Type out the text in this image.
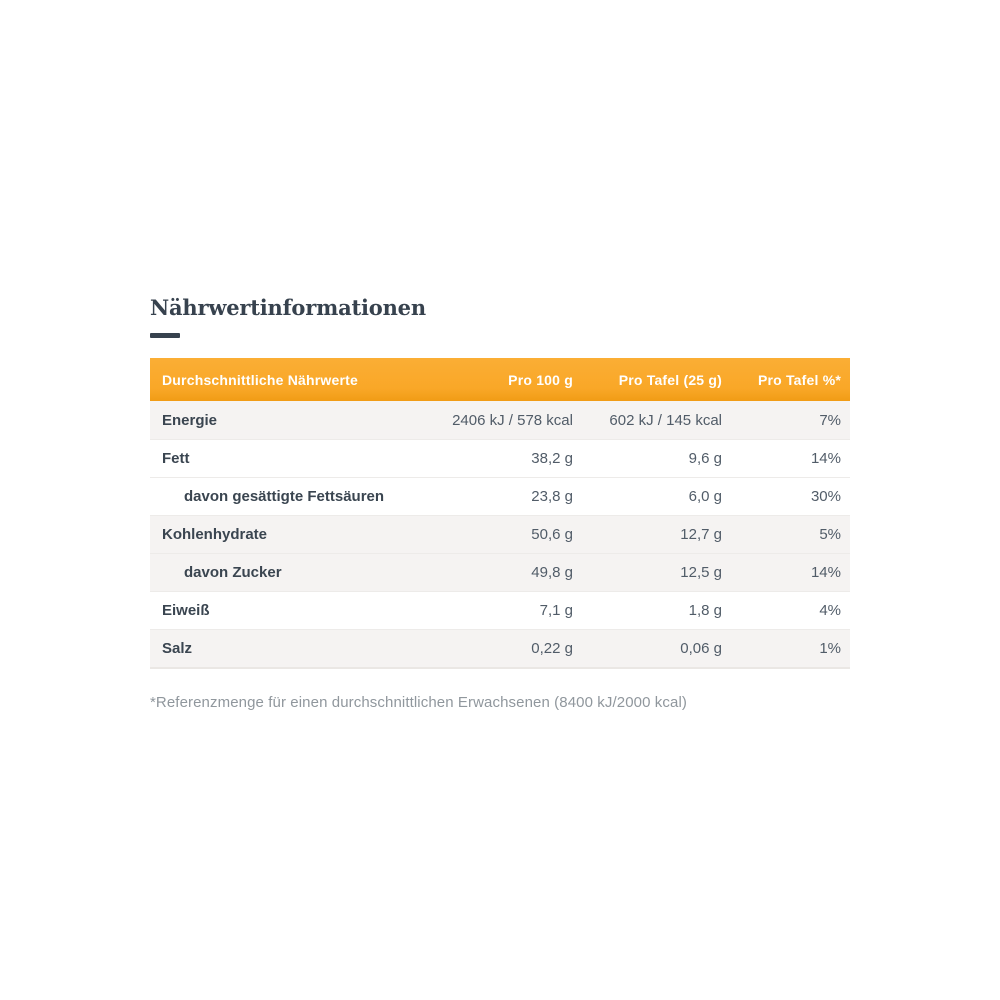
Nährwertinformationen
Durchschnittliche Nährwerte	Pro 100 g	Pro Tafel (25 g)	Pro Tafel %*
Energie	2406 kJ / 578 kcal	602 kJ / 145 kcal	7%
Fett	38,2 g	9,6 g	14%
davon gesättigte Fettsäuren	23,8 g	6,0 g	30%
Kohlenhydrate	50,6 g	12,7 g	5%
davon Zucker	49,8 g	12,5 g	14%
Eiweiß	7,1 g	1,8 g	4%
Salz	0,22 g	0,06 g	1%
*Referenzmenge für einen durchschnittlichen Erwachsenen (8400 kJ/2000 kcal)
